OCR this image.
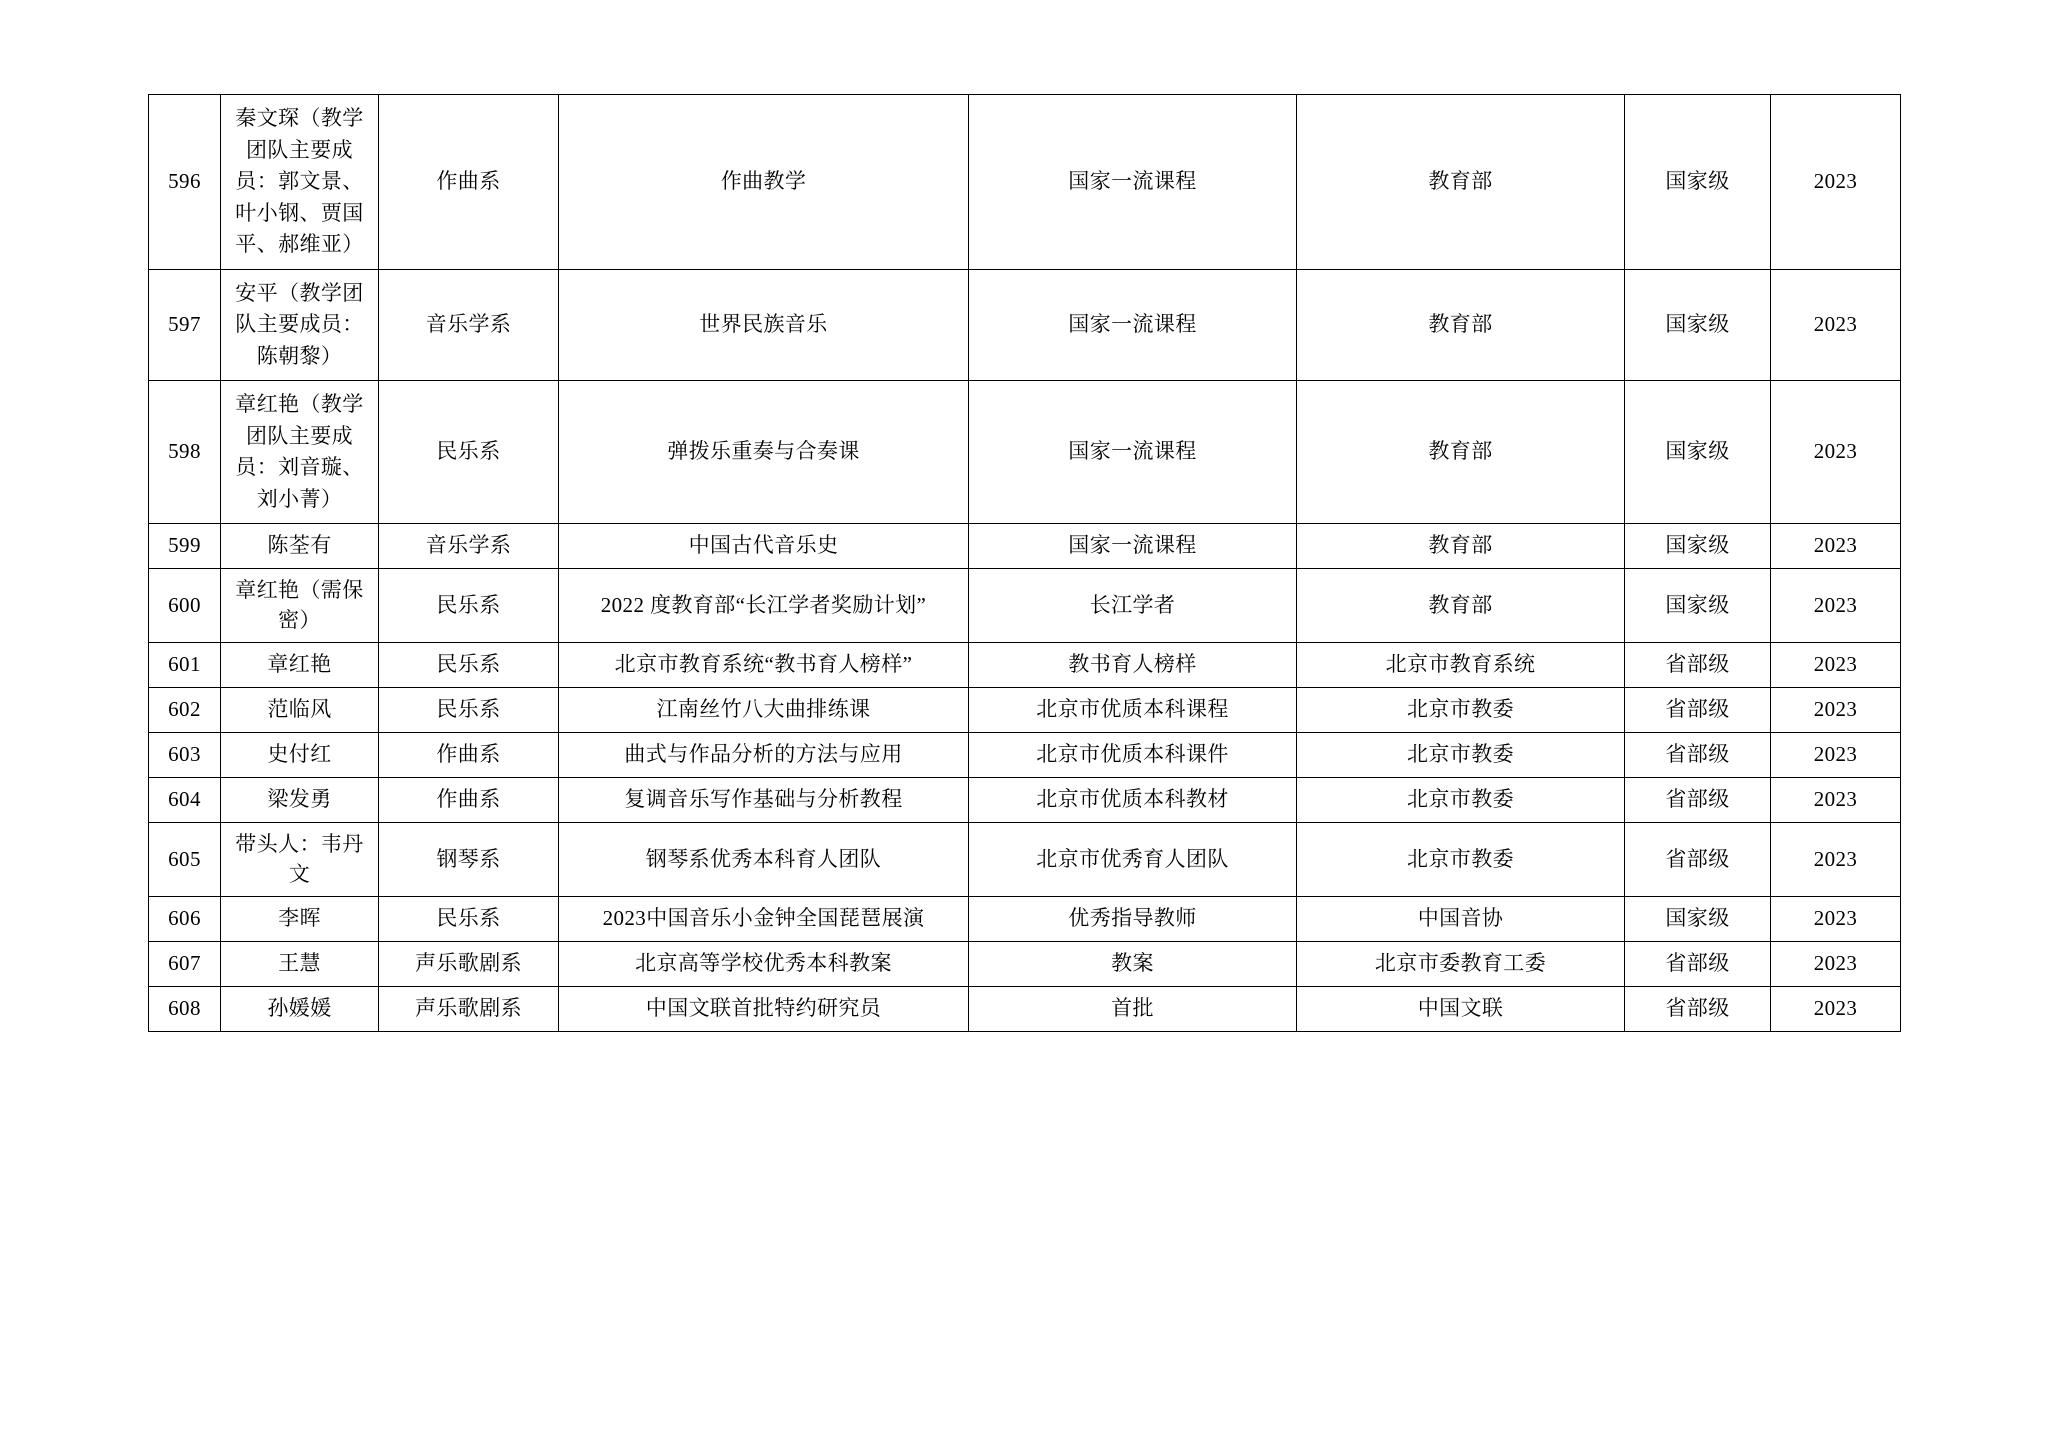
596	秦文琛（教学团队主要成员：郭文景、叶小钢、贾国平、郝维亚）	作曲系	作曲教学	国家一流课程	教育部	国家级	2023
597	安平（教学团队主要成员：陈朝黎）	音乐学系	世界民族音乐	国家一流课程	教育部	国家级	2023
598	章红艳（教学团队主要成员：刘音璇、刘小菁）	民乐系	弹拨乐重奏与合奏课	国家一流课程	教育部	国家级	2023
599	陈荃有	音乐学系	中国古代音乐史	国家一流课程	教育部	国家级	2023
600	章红艳（需保密）	民乐系	2022 度教育部“长江学者奖励计划”	长江学者	教育部	国家级	2023
601	章红艳	民乐系	北京市教育系统“教书育人榜样”	教书育人榜样	北京市教育系统	省部级	2023
602	范临风	民乐系	江南丝竹八大曲排练课	北京市优质本科课程	北京市教委	省部级	2023
603	史付红	作曲系	曲式与作品分析的方法与应用	北京市优质本科课件	北京市教委	省部级	2023
604	梁发勇	作曲系	复调音乐写作基础与分析教程	北京市优质本科教材	北京市教委	省部级	2023
605	带头人：韦丹文	钢琴系	钢琴系优秀本科育人团队	北京市优秀育人团队	北京市教委	省部级	2023
606	李晖	民乐系	2023中国音乐小金钟全国琵琶展演	优秀指导教师	中国音协	国家级	2023
607	王慧	声乐歌剧系	北京高等学校优秀本科教案	教案	北京市委教育工委	省部级	2023
608	孙媛媛	声乐歌剧系	中国文联首批特约研究员	首批	中国文联	省部级	2023
